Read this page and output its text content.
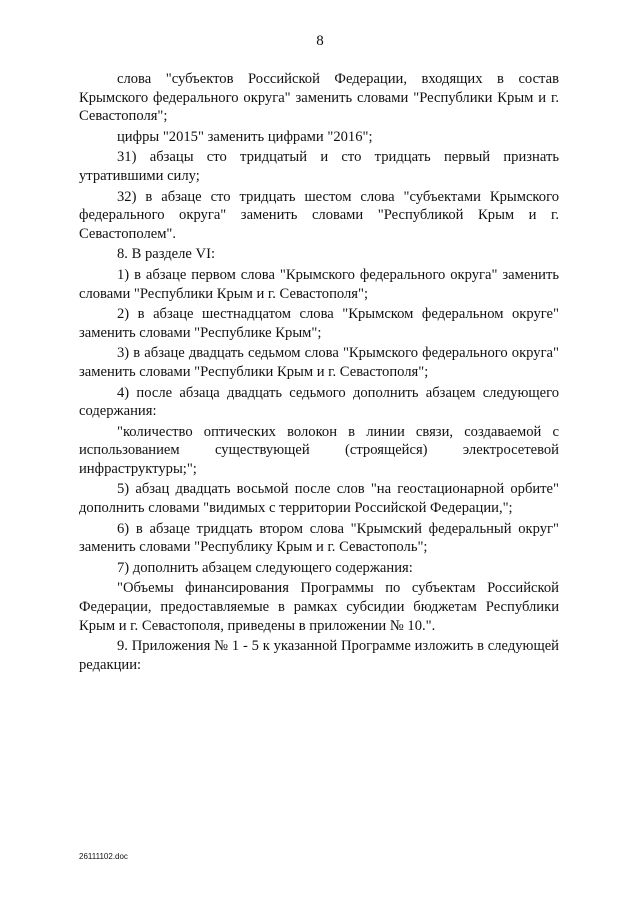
8

слова "субъектов Российской Федерации, входящих в состав Крымского федерального округа" заменить словами "Республики Крым и г. Севастополя";

цифры "2015" заменить цифрами "2016";

31) абзацы сто тридцатый и сто тридцать первый признать утратившими силу;

32) в абзаце сто тридцать шестом слова "субъектами Крымского федерального округа" заменить словами "Республикой Крым и г. Севастополем".

8. В разделе VI:

1) в абзаце первом слова "Крымского федерального округа" заменить словами "Республики Крым и г. Севастополя";

2) в абзаце шестнадцатом слова "Крымском федеральном округе" заменить словами "Республике Крым";

3) в абзаце двадцать седьмом слова "Крымского федерального округа" заменить словами "Республики Крым и г. Севастополя";

4) после абзаца двадцать седьмого дополнить абзацем следующего содержания:

"количество оптических волокон в линии связи, создаваемой с использованием существующей (строящейся) электросетевой инфраструктуры;";

5) абзац двадцать восьмой после слов "на геостационарной орбите" дополнить словами "видимых с территории Российской Федерации,";

6) в абзаце тридцать втором слова "Крымский федеральный округ" заменить словами "Республику Крым и г. Севастополь";

7) дополнить абзацем следующего содержания:

"Объемы финансирования Программы по субъектам Российской Федерации, предоставляемые в рамках субсидии бюджетам Республики Крым и г. Севастополя, приведены в приложении № 10.".

9. Приложения № 1 - 5 к указанной Программе изложить в следующей редакции:

26111102.doc
